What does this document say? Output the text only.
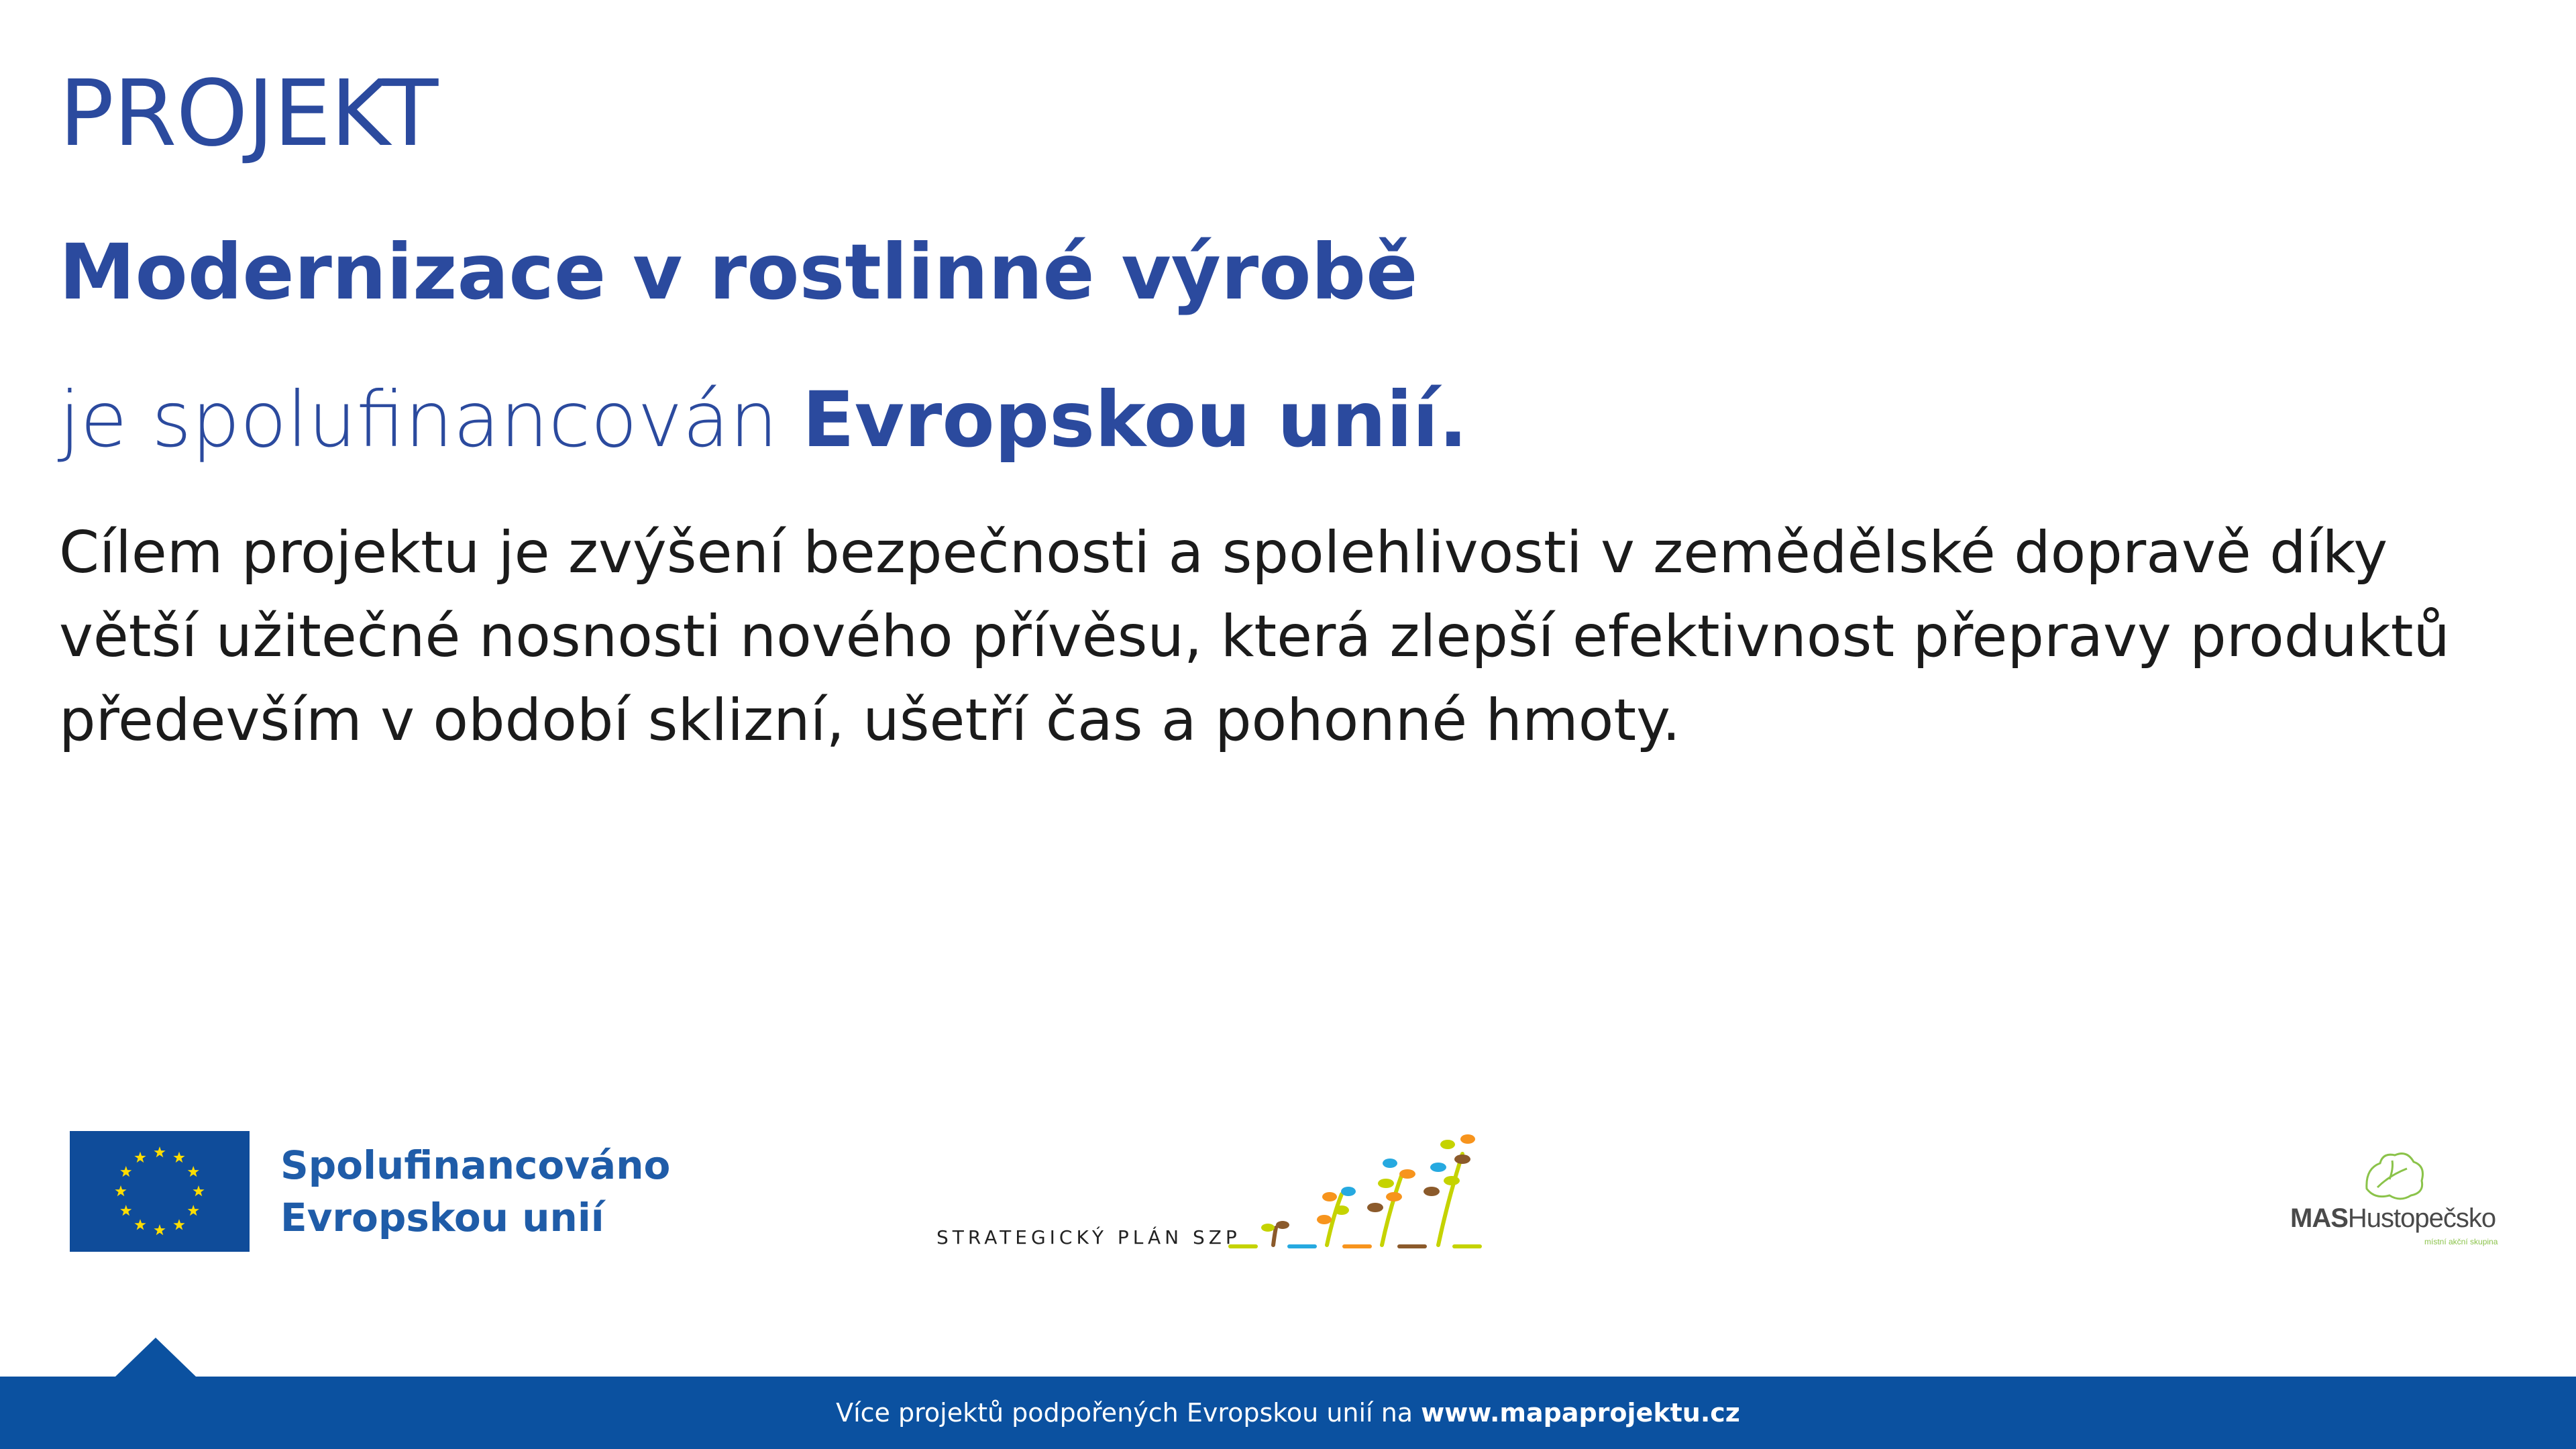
PROJEKT
Modernizace v rostlinné výrobě

je spolufinancován Evropskou unií.

Cílem projektu je zvýšení bezpečnosti a spolehlivosti v zemědělské dopravě díky větší užitečné nosnosti nového přívěsu, která zlepší efektivnost přepravy produktů především v období sklizní, ušetří čas a pohonné hmoty.

Spolufinancováno
Evropskou unií	STRATEGICKÝ PLÁN SZP
MASHustopečsko
místní akční skupina
Více projektů podpořených Evropskou unií na www.mapaprojektu.cz
